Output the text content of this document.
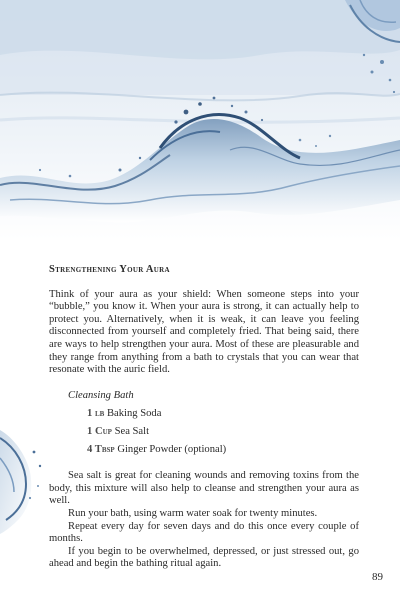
Strengthening Your Aura

Think of your aura as your shield: When someone steps into your “bubble,” you know it. When your aura is strong, it can actually help to protect you. Alternatively, when it is weak, it can leave you feeling disconnected from yourself and completely fried. That being said, there are ways to help strengthen your aura. Most of these are pleasurable and they range from anything from a bath to crystals that you can wear that resonate with the auric field.

Cleansing Bath

1 lb Baking Soda
1 Cup Sea Salt
4 Tbsp Ginger Powder (optional)

Sea salt is great for cleaning wounds and removing toxins from the body, this mixture will also help to cleanse and strengthen your aura as well.

Run your bath, using warm water soak for twenty minutes.

Repeat every day for seven days and do this once every couple of months.

If you begin to be overwhelmed, depressed, or just stressed out, go ahead and begin the bathing ritual again.

89
